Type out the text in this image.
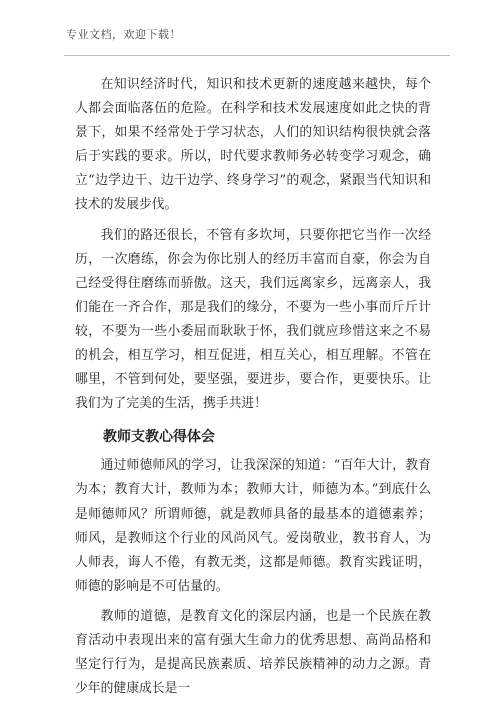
专业文档，欢迎下载！

在知识经济时代，知识和技术更新的速度越来越快，每个人都会面临落伍的危险。在科学和技术发展速度如此之快的背景下，如果不经常处于学习状态，人们的知识结构很快就会落后于实践的要求。所以，时代要求教师务必转变学习观念，确立“边学边干、边干边学、终身学习”的观念，紧跟当代知识和技术的发展步伐。

我们的路还很长，不管有多坎坷，只要你把它当作一次经历，一次磨练，你会为你比别人的经历丰富而自豪，你会为自己经受得住磨练而骄傲。这天，我们远离家乡，远离亲人，我们能在一齐合作，那是我们的缘分，不要为一些小事而斤斤计较，不要为一些小委屈而耿耿于怀，我们就应珍惜这来之不易的机会，相互学习，相互促进，相互关心，相互理解。不管在哪里，不管到何处，要坚强，要进步，要合作，更要快乐。让我们为了完美的生活，携手共进！

教师支教心得体会

通过师德师风的学习，让我深深的知道：“百年大计，教育为本；教育大计，教师为本；教师大计，师德为本。”到底什么是师德师风？所谓师德，就是教师具备的最基本的道德素养；师风，是教师这个行业的风尚风气。爱岗敬业，教书育人，为人师表，诲人不倦，有教无类，这都是师德。教育实践证明，师德的影响是不可估量的。

教师的道德，是教育文化的深层内涵，也是一个民族在教育活动中表现出来的富有强大生命力的优秀思想、高尚品格和坚定行行为，是提高民族素质、培养民族精神的动力之源。青少年的健康成长是一
